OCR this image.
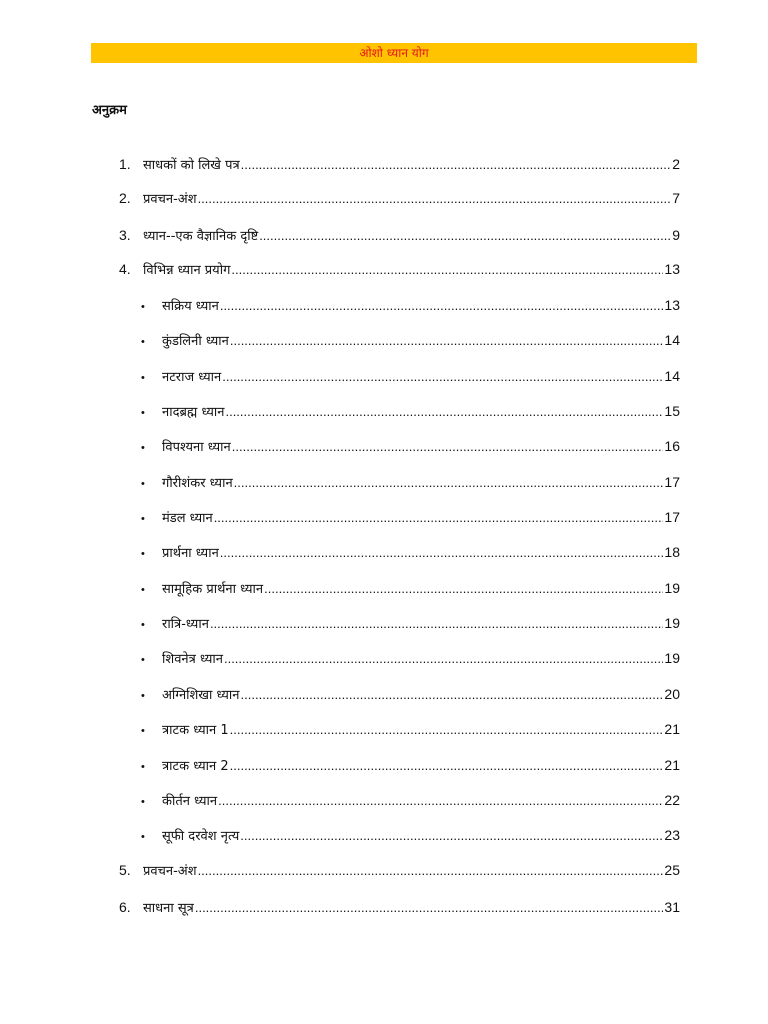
ओशो ध्यान योग
अनुक्रम
1. साधकों को लिखे पत्र .....	2
2. प्रवचन-अंश .....	7
3. ध्यान--एक वैज्ञानिक दृष्टि .....	9
4. विभिन्न ध्यान प्रयोग .....	13
•	सक्रिय ध्यान .....	13
•	कुंडलिनी ध्यान .....	14
•	नटराज ध्यान .....	14
•	नादब्रह्म ध्यान .....	15
•	विपश्यना ध्यान .....	16
•	गौरीशंकर ध्यान .....	17
•	मंडल ध्यान .....	17
•	प्रार्थना ध्यान .....	18
•	सामूहिक प्रार्थना ध्यान .....	19
•	रात्रि-ध्यान .....	19
•	शिवनेत्र ध्यान .....	19
•	अग्निशिखा ध्यान .....	20
•	त्राटक ध्यान 1 .....	21
•	त्राटक ध्यान 2 .....	21
•	कीर्तन ध्यान .....	22
•	सूफी दरवेश नृत्य .....	23
5. प्रवचन-अंश .....	25
6. साधना सूत्र .....	31
